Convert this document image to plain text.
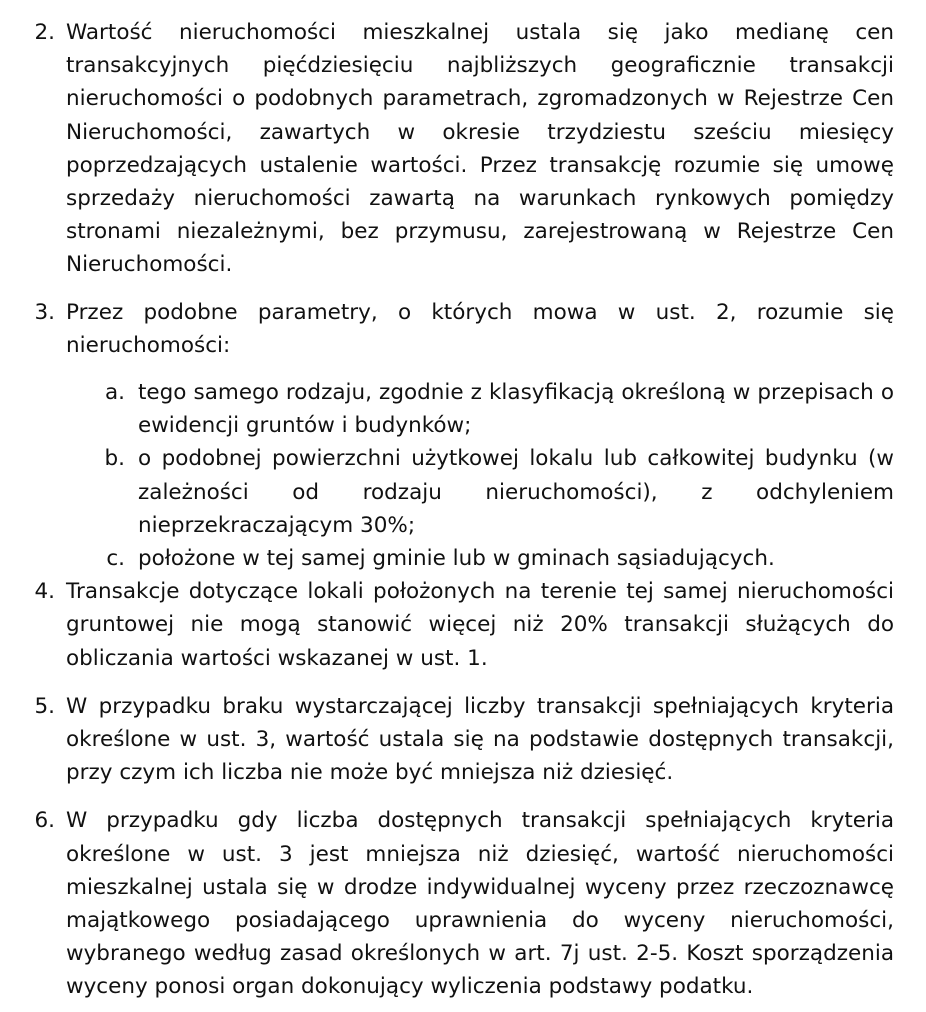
2. Wartość nieruchomości mieszkalnej ustala się jako medianę cen transakcyjnych pięćdziesięciu najbliższych geograficznie transakcji nieruchomości o podobnych parametrach, zgromadzonych w Rejestrze Cen Nieruchomości, zawartych w okresie trzydziestu sześciu miesięcy poprzedzających ustalenie wartości. Przez transakcję rozumie się umowę sprzedaży nieruchomości zawartą na warunkach rynkowych pomiędzy stronami niezależnymi, bez przymusu, zarejestrowaną w Rejestrze Cen Nieruchomości.
3. Przez podobne parametry, o których mowa w ust. 2, rozumie się nieruchomości:
a. tego samego rodzaju, zgodnie z klasyfikacją określoną w przepisach o ewidencji gruntów i budynków;
b. o podobnej powierzchni użytkowej lokalu lub całkowitej budynku (w zależności od rodzaju nieruchomości), z odchyleniem nieprzekraczającym 30%;
c. położone w tej samej gminie lub w gminach sąsiadujących.
4. Transakcje dotyczące lokali położonych na terenie tej samej nieruchomości gruntowej nie mogą stanowić więcej niż 20% transakcji służących do obliczania wartości wskazanej w ust. 1.
5. W przypadku braku wystarczającej liczby transakcji spełniających kryteria określone w ust. 3, wartość ustala się na podstawie dostępnych transakcji, przy czym ich liczba nie może być mniejsza niż dziesięć.
6. W przypadku gdy liczba dostępnych transakcji spełniających kryteria określone w ust. 3 jest mniejsza niż dziesięć, wartość nieruchomości mieszkalnej ustala się w drodze indywidualnej wyceny przez rzeczoznawcę majątkowego posiadającego uprawnienia do wyceny nieruchomości, wybranego według zasad określonych w art. 7j ust. 2-5. Koszt sporządzenia wyceny ponosi organ dokonujący wyliczenia podstawy podatku.
